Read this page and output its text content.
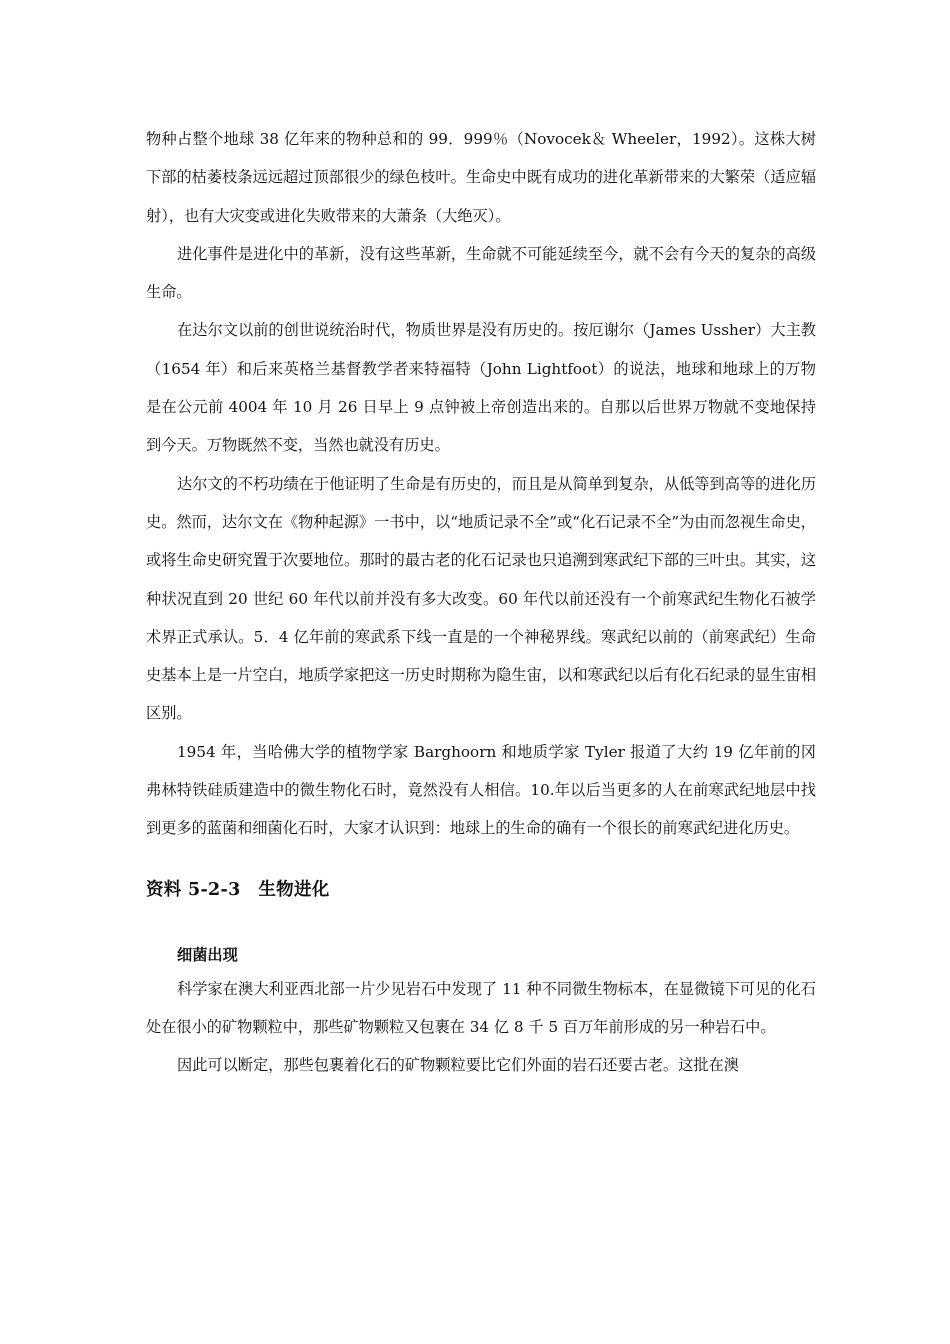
物种占整个地球 38 亿年来的物种总和的 99．999％（Novocek＆ Wheeler，1992）。这株大树下部的枯萎枝条远远超过顶部很少的绿色枝叶。生命史中既有成功的进化革新带来的大繁荣（适应辐射），也有大灾变或进化失败带来的大萧条（大绝灭）。

进化事件是进化中的革新，没有这些革新，生命就不可能延续至今，就不会有今天的复杂的高级生命。

在达尔文以前的创世说统治时代，物质世界是没有历史的。按厄谢尔（James Ussher）大主教（1654 年）和后来英格兰基督教学者来特福特（John Lightfoot）的说法，地球和地球上的万物是在公元前 4004 年 10 月 26 日早上 9 点钟被上帝创造出来的。自那以后世界万物就不变地保持到今天。万物既然不变，当然也就没有历史。

达尔文的不朽功绩在于他证明了生命是有历史的，而且是从简单到复杂，从低等到高等的进化历史。然而，达尔文在《物种起源》一书中，以“地质记录不全”或“化石记录不全”为由而忽视生命史，或将生命史研究置于次要地位。那时的最古老的化石记录也只追溯到寒武纪下部的三叶虫。其实，这种状况直到 20 世纪 60 年代以前并没有多大改变。60 年代以前还没有一个前寒武纪生物化石被学术界正式承认。5．4 亿年前的寒武系下线一直是的一个神秘界线。寒武纪以前的（前寒武纪）生命史基本上是一片空白，地质学家把这一历史时期称为隐生宙，以和寒武纪以后有化石纪录的显生宙相区别。

1954 年，当哈佛大学的植物学家 Barghoorn 和地质学家 Tyler 报道了大约 19 亿年前的冈弗林特铁硅质建造中的微生物化石时，竟然没有人相信。10.年以后当更多的人在前寒武纪地层中找到更多的蓝菌和细菌化石时，大家才认识到：地球上的生命的确有一个很长的前寒武纪进化历史。

资料 5-2-3　生物进化
细菌出现

科学家在澳大利亚西北部一片少见岩石中发现了 11 种不同微生物标本，在显微镜下可见的化石处在很小的矿物颗粒中，那些矿物颗粒又包裹在 34 亿 8 千 5 百万年前形成的另一种岩石中。

因此可以断定，那些包裹着化石的矿物颗粒要比它们外面的岩石还要古老。这批在澳
